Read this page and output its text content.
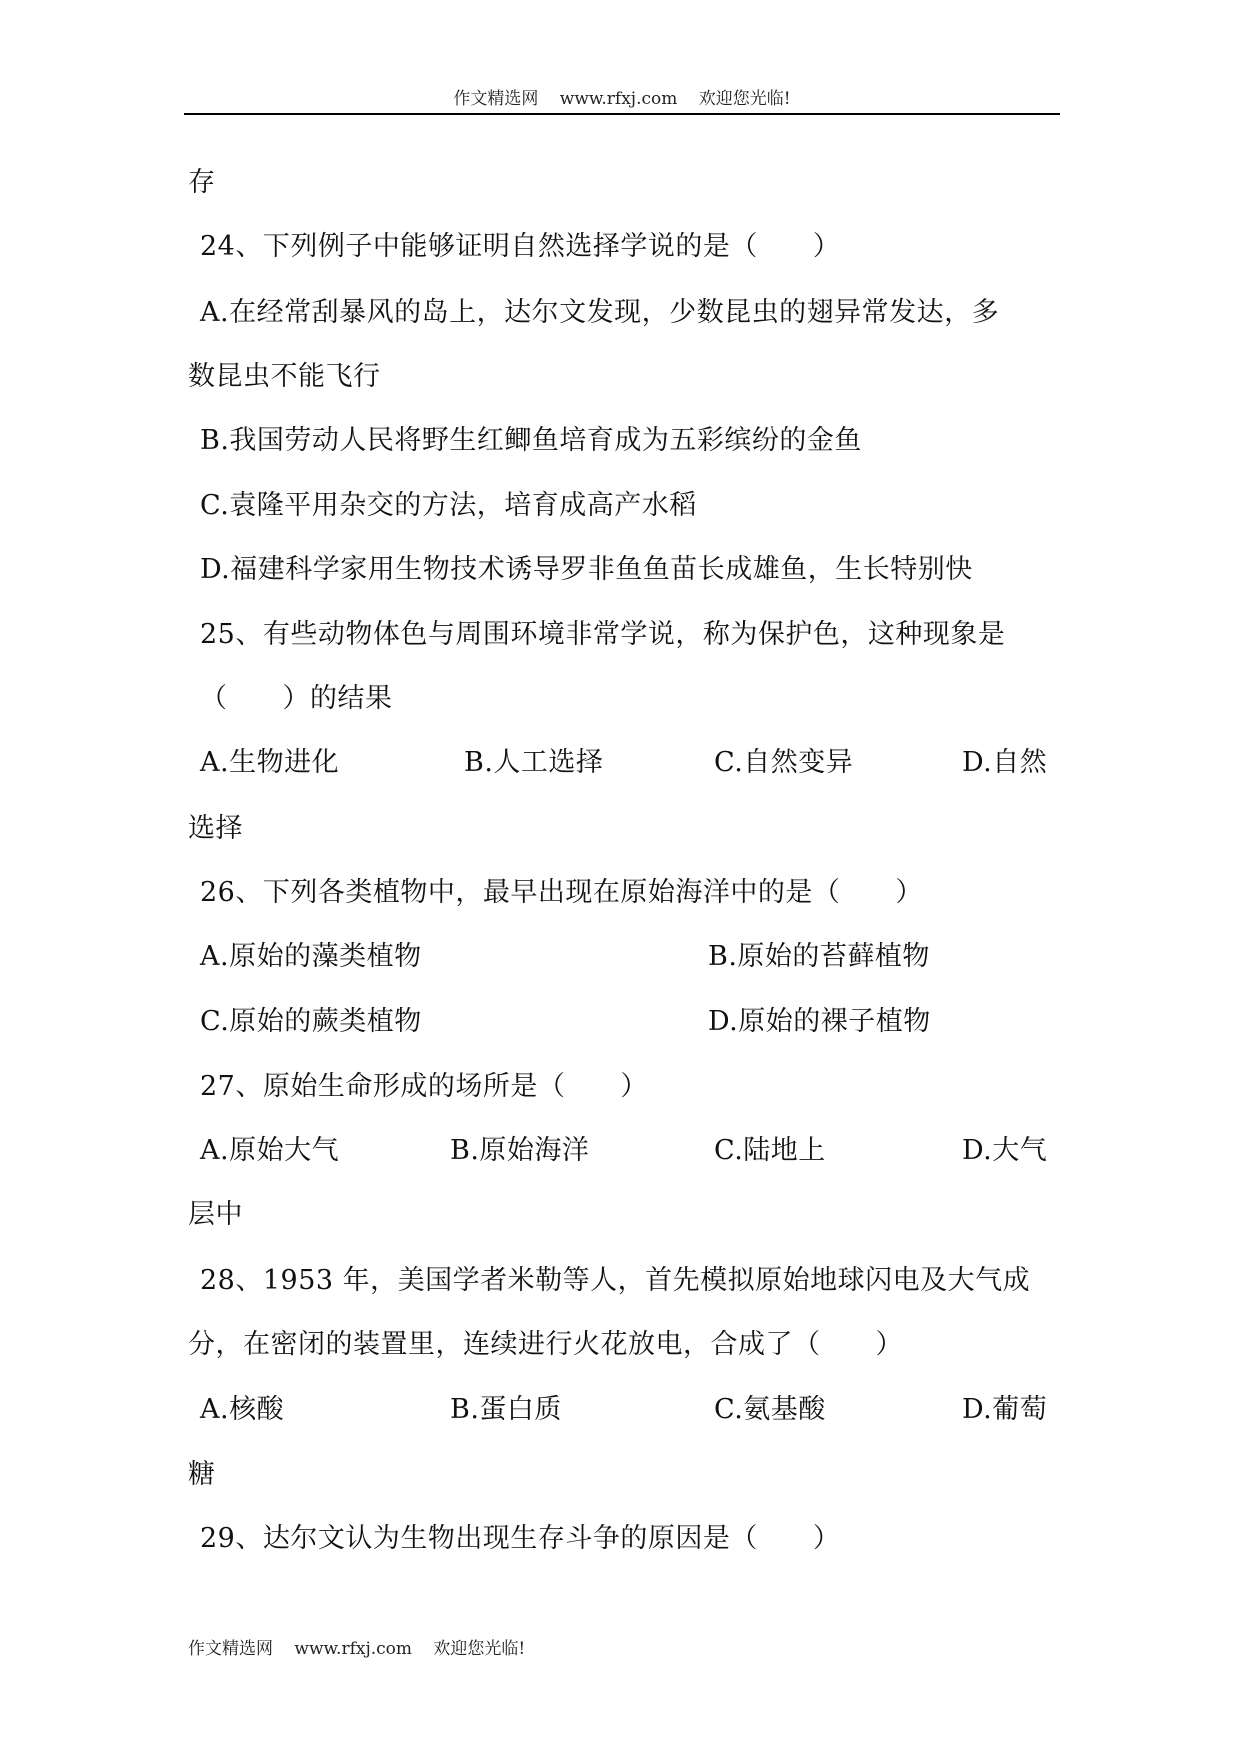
作文精选网 www.rfxj.com 欢迎您光临!
存
24、下列例子中能够证明自然选择学说的是（　　）
A.在经常刮暴风的岛上，达尔文发现，少数昆虫的翅异常发达，多
数昆虫不能飞行
B.我国劳动人民将野生红鲫鱼培育成为五彩缤纷的金鱼
C.袁隆平用杂交的方法，培育成高产水稻
D.福建科学家用生物技术诱导罗非鱼鱼苗长成雄鱼，生长特别快
25、有些动物体色与周围环境非常学说，称为保护色，这种现象是
（　　）的结果
A.生物进化	B.人工选择	C.自然变异	D.自然
选择
26、下列各类植物中，最早出现在原始海洋中的是（　　）
A.原始的藻类植物	B.原始的苔藓植物
C.原始的蕨类植物	D.原始的裸子植物
27、原始生命形成的场所是（　　）
A.原始大气	B.原始海洋	C.陆地上	D.大气
层中
28、1953 年，美国学者米勒等人，首先模拟原始地球闪电及大气成
分，在密闭的装置里，连续进行火花放电，合成了（　　）
A.核酸	B.蛋白质	C.氨基酸	D.葡萄
糖
29、达尔文认为生物出现生存斗争的原因是（　　）
作文精选网 www.rfxj.com 欢迎您光临!
